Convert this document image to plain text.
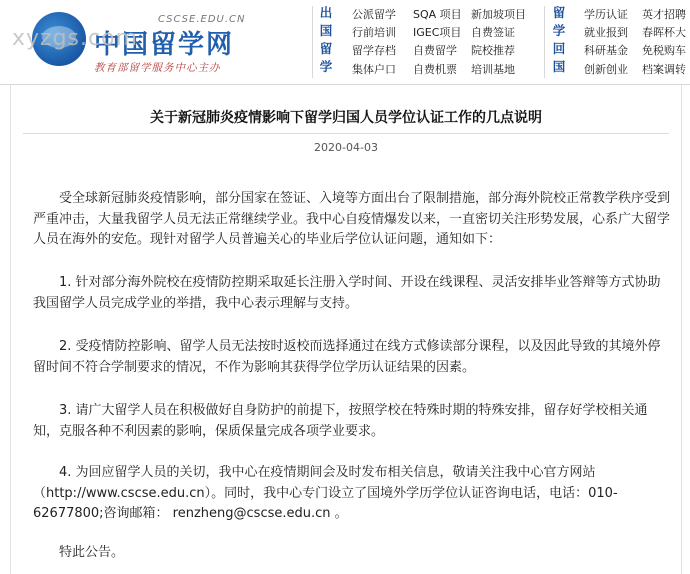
CSCSE.EDU.CN
中国留学网
教育部留学服务中心主办
xyzgs.com
出国留学
公派留学
行前培训
留学存档
集体户口
SQA 项目
IGEC项目
自费留学
自费机票
新加坡项目
自费签证
院校推荐
培训基地
留学回国
学历认证
就业报到
科研基金
创新创业
英才招聘
春晖杯大
免税购车
档案调转
关于新冠肺炎疫情影响下留学归国人员学位认证工作的几点说明
2020-04-03

受全球新冠肺炎疫情影响，部分国家在签证、入境等方面出台了限制措施，部分海外院校正常教学秩序受到严重冲击，大量我留学人员无法正常继续学业。我中心自疫情爆发以来，一直密切关注形势发展，心系广大留学人员在海外的安危。现针对留学人员普遍关心的毕业后学位认证问题，通知如下：

1. 针对部分海外院校在疫情防控期采取延长注册入学时间、开设在线课程、灵活安排毕业答辩等方式协助我国留学人员完成学业的举措，我中心表示理解与支持。

2. 受疫情防控影响、留学人员无法按时返校而选择通过在线方式修读部分课程，以及因此导致的其境外停留时间不符合学制要求的情况，不作为影响其获得学位学历认证结果的因素。

3. 请广大留学人员在积极做好自身防护的前提下，按照学校在特殊时期的特殊安排，留存好学校相关通知，克服各种不利因素的影响，保质保量完成各项学业要求。

4. 为回应留学人员的关切，我中心在疫情期间会及时发布相关信息，敬请关注我中心官方网站（http://www.cscse.edu.cn）。同时，我中心专门设立了国境外学历学位认证咨询电话，电话：010-62677800;咨询邮箱： renzheng@cscse.edu.cn 。

特此公告。
